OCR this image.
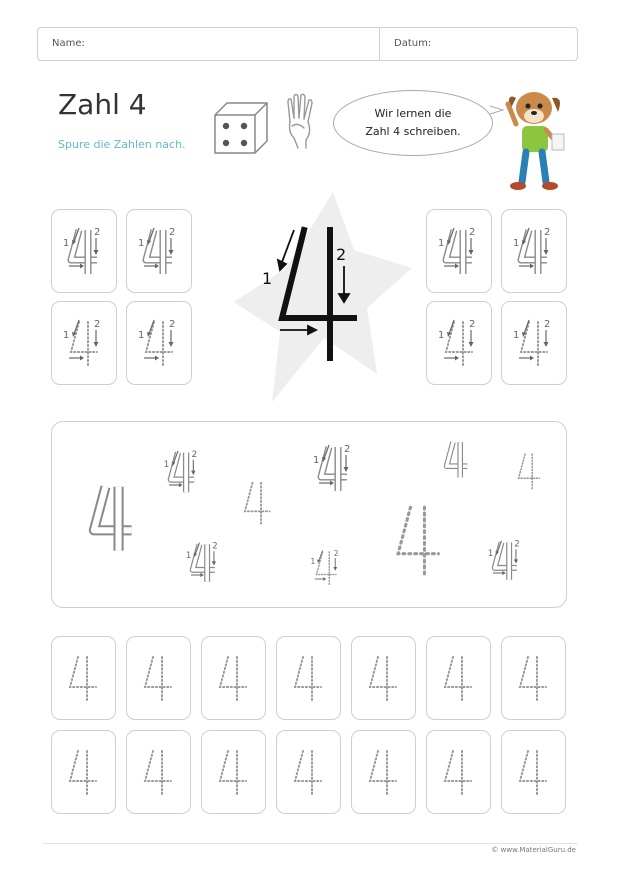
Name:	Datum:
Zahl 4
Spure die Zahlen nach.
Wir lernen die
Zahl 4 schreiben.
1
2
2
© www.MaterialGuru.de
